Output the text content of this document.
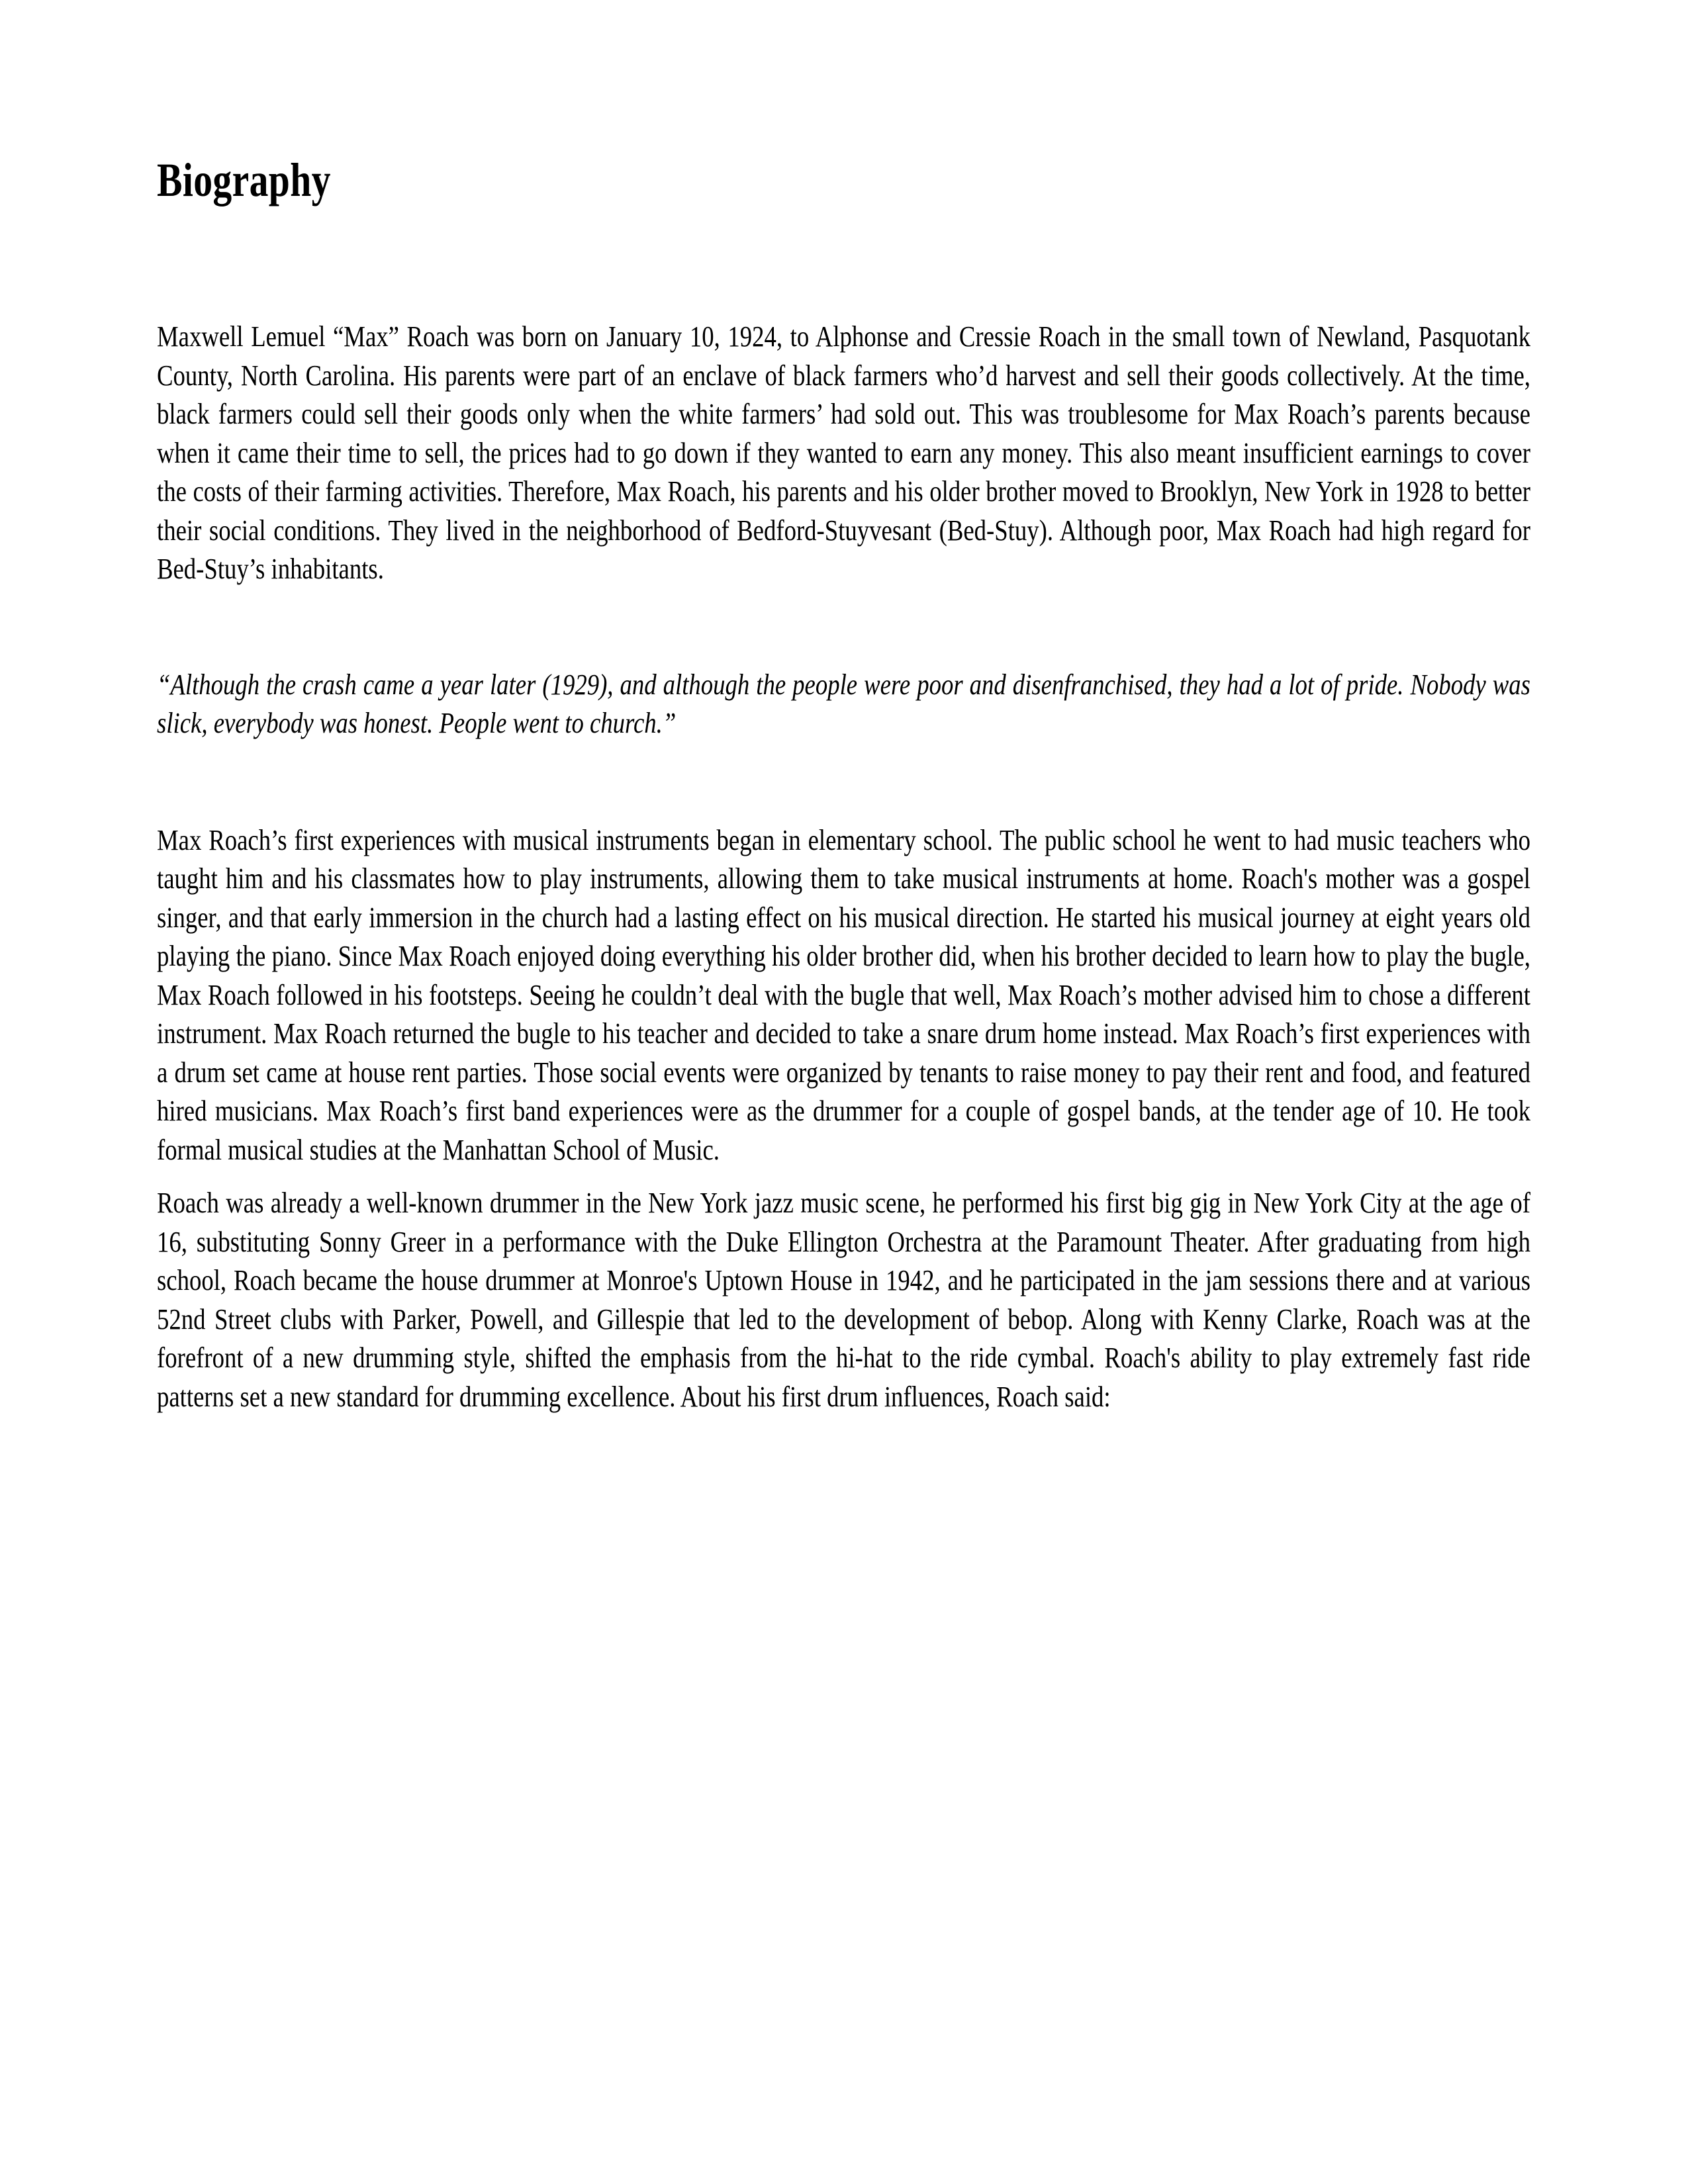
Biography

Maxwell Lemuel “Max” Roach was born on January 10, 1924, to Alphonse and Cressie Roach in the small town of Newland, Pasquotank County, North Carolina. His parents were part of an enclave of black farmers who’d harvest and sell their goods collectively. At the time, black farmers could sell their goods only when the white farmers’ had sold out. This was troublesome for Max Roach’s parents because when it came their time to sell, the prices had to go down if they wanted to earn any money. This also meant insufficient earnings to cover the costs of their farming activities. Therefore, Max Roach, his parents and his older brother moved to Brooklyn, New York in 1928 to better their social conditions. They lived in the neighborhood of Bedford-Stuyvesant (Bed-Stuy). Although poor, Max Roach had high regard for Bed-Stuy’s inhabitants.

“Although the crash came a year later (1929), and although the people were poor and disenfranchised, they had a lot of pride. Nobody was slick, everybody was honest. People went to church.”

Max Roach’s first experiences with musical instruments began in elementary school. The public school he went to had music teachers who taught him and his classmates how to play instruments, allowing them to take musical instruments at home. Roach's mother was a gospel singer, and that early immersion in the church had a lasting effect on his musical direction. He started his musical journey at eight years old playing the piano. Since Max Roach enjoyed doing everything his older brother did, when his brother decided to learn how to play the bugle, Max Roach followed in his footsteps. Seeing he couldn’t deal with the bugle that well, Max Roach’s mother advised him to chose a different instrument. Max Roach returned the bugle to his teacher and decided to take a snare drum home instead. Max Roach’s first experiences with a drum set came at house rent parties. Those social events were organized by tenants to raise money to pay their rent and food, and featured hired musicians. Max Roach’s first band experiences were as the drummer for a couple of gospel bands, at the tender age of 10. He took formal musical studies at the Manhattan School of Music.

Roach was already a well-known drummer in the New York jazz music scene, he performed his first big gig in New York City at the age of 16, substituting Sonny Greer in a performance with the Duke Ellington Orchestra at the Paramount Theater. After graduating from high school, Roach became the house drummer at Monroe's Uptown House in 1942, and he participated in the jam sessions there and at various 52nd Street clubs with Parker, Powell, and Gillespie that led to the development of bebop. Along with Kenny Clarke, Roach was at the forefront of a new drumming style, shifted the emphasis from the hi-hat to the ride cymbal. Roach's ability to play extremely fast ride patterns set a new standard for drumming excellence. About his first drum influences, Roach said:
